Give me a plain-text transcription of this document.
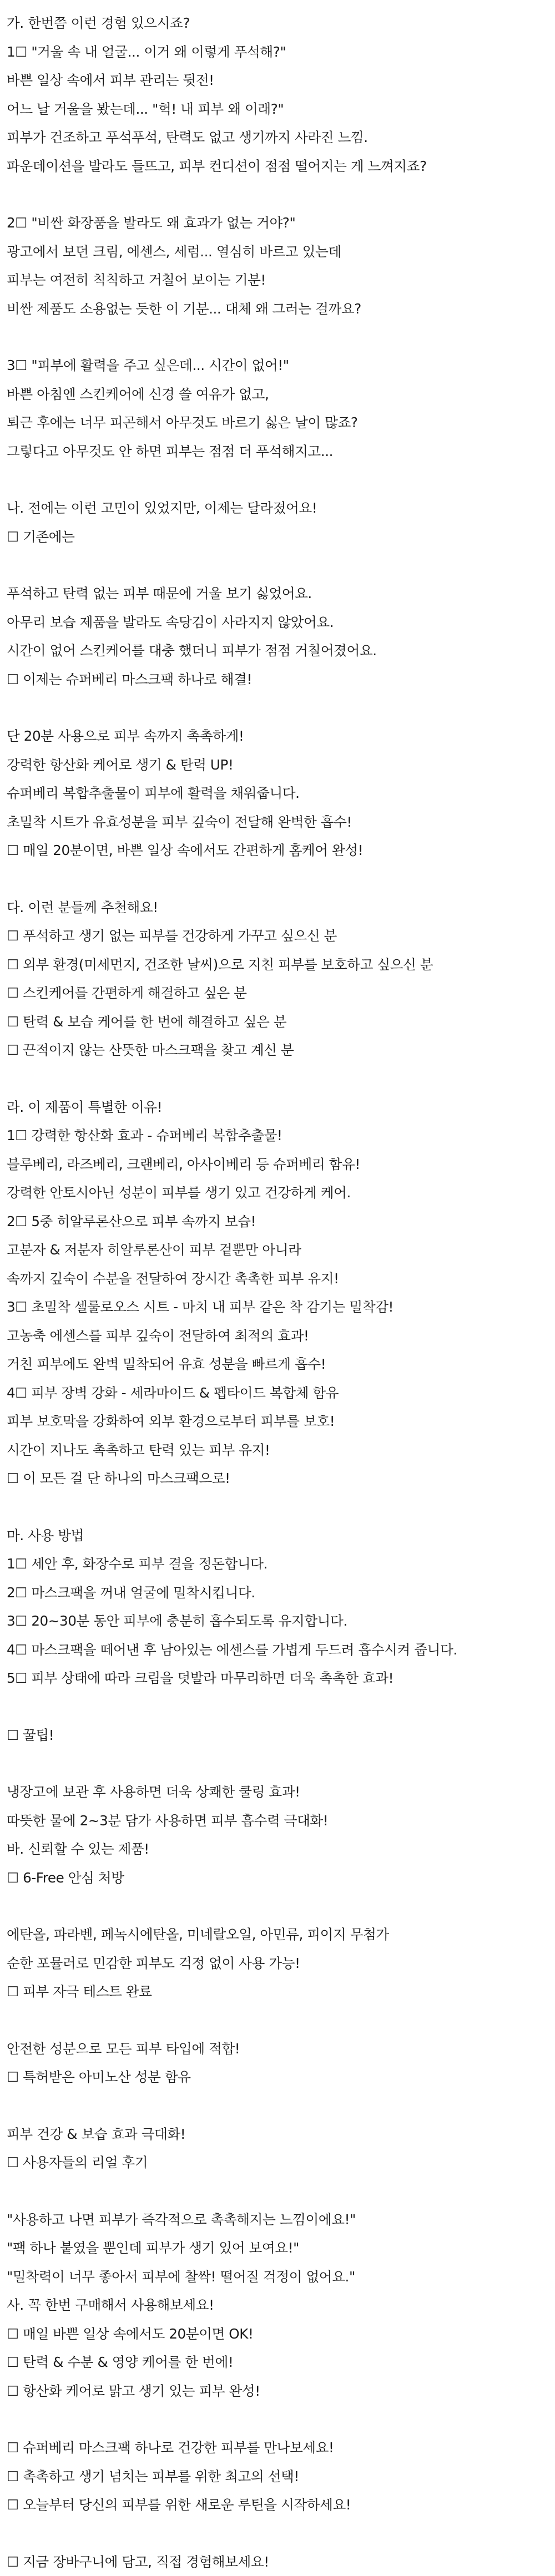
가. 한번쯤 이런 경험 있으시죠?
1☐ "거울 속 내 얼굴... 이거 왜 이렇게 푸석해?"
바쁜 일상 속에서 피부 관리는 뒷전!
어느 날 거울을 봤는데... "헉! 내 피부 왜 이래?"
피부가 건조하고 푸석푸석, 탄력도 없고 생기까지 사라진 느낌.
파운데이션을 발라도 들뜨고, 피부 컨디션이 점점 떨어지는 게 느껴지죠?
2☐ "비싼 화장품을 발라도 왜 효과가 없는 거야?"
광고에서 보던 크림, 에센스, 세럼... 열심히 바르고 있는데
피부는 여전히 칙칙하고 거칠어 보이는 기분!
비싼 제품도 소용없는 듯한 이 기분... 대체 왜 그러는 걸까요?
3☐ "피부에 활력을 주고 싶은데... 시간이 없어!"
바쁜 아침엔 스킨케어에 신경 쓸 여유가 없고,
퇴근 후에는 너무 피곤해서 아무것도 바르기 싫은 날이 많죠?
그렇다고 아무것도 안 하면 피부는 점점 더 푸석해지고...
나. 전에는 이런 고민이 있었지만, 이제는 달라졌어요!
☐ 기존에는
푸석하고 탄력 없는 피부 때문에 거울 보기 싫었어요.
아무리 보습 제품을 발라도 속당김이 사라지지 않았어요.
시간이 없어 스킨케어를 대충 했더니 피부가 점점 거칠어졌어요.
☐ 이제는 슈퍼베리 마스크팩 하나로 해결!
단 20분 사용으로 피부 속까지 촉촉하게!
강력한 항산화 케어로 생기 & 탄력 UP!
슈퍼베리 복합추출물이 피부에 활력을 채워줍니다.
초밀착 시트가 유효성분을 피부 깊숙이 전달해 완벽한 흡수!
☐ 매일 20분이면, 바쁜 일상 속에서도 간편하게 홈케어 완성!
다. 이런 분들께 추천해요!
☐ 푸석하고 생기 없는 피부를 건강하게 가꾸고 싶으신 분
☐ 외부 환경(미세먼지, 건조한 날씨)으로 지친 피부를 보호하고 싶으신 분
☐ 스킨케어를 간편하게 해결하고 싶은 분
☐ 탄력 & 보습 케어를 한 번에 해결하고 싶은 분
☐ 끈적이지 않는 산뜻한 마스크팩을 찾고 계신 분
라. 이 제품이 특별한 이유!
1☐ 강력한 항산화 효과 - 슈퍼베리 복합추출물!
블루베리, 라즈베리, 크랜베리, 아사이베리 등 슈퍼베리 함유!
강력한 안토시아닌 성분이 피부를 생기 있고 건강하게 케어.
2☐ 5중 히알루론산으로 피부 속까지 보습!
고분자 & 저분자 히알루론산이 피부 겉뿐만 아니라
속까지 깊숙이 수분을 전달하여 장시간 촉촉한 피부 유지!
3☐ 초밀착 셀룰로오스 시트 - 마치 내 피부 같은 착 감기는 밀착감!
고농축 에센스를 피부 깊숙이 전달하여 최적의 효과!
거친 피부에도 완벽 밀착되어 유효 성분을 빠르게 흡수!
4☐ 피부 장벽 강화 - 세라마이드 & 펩타이드 복합체 함유
피부 보호막을 강화하여 외부 환경으로부터 피부를 보호!
시간이 지나도 촉촉하고 탄력 있는 피부 유지!
☐ 이 모든 걸 단 하나의 마스크팩으로!
마. 사용 방법
1☐ 세안 후, 화장수로 피부 결을 정돈합니다.
2☐ 마스크팩을 꺼내 얼굴에 밀착시킵니다.
3☐ 20~30분 동안 피부에 충분히 흡수되도록 유지합니다.
4☐ 마스크팩을 떼어낸 후 남아있는 에센스를 가볍게 두드려 흡수시켜 줍니다.
5☐ 피부 상태에 따라 크림을 덧발라 마무리하면 더욱 촉촉한 효과!
☐ 꿀팁!
냉장고에 보관 후 사용하면 더욱 상쾌한 쿨링 효과!
따뜻한 물에 2~3분 담가 사용하면 피부 흡수력 극대화!
바. 신뢰할 수 있는 제품!
☐ 6-Free 안심 처방
에탄올, 파라벤, 페녹시에탄올, 미네랄오일, 아민류, 피이지 무첨가
순한 포뮬러로 민감한 피부도 걱정 없이 사용 가능!
☐ 피부 자극 테스트 완료
안전한 성분으로 모든 피부 타입에 적합!
☐ 특허받은 아미노산 성분 함유
피부 건강 & 보습 효과 극대화!
☐ 사용자들의 리얼 후기
"사용하고 나면 피부가 즉각적으로 촉촉해지는 느낌이에요!"
"팩 하나 붙였을 뿐인데 피부가 생기 있어 보여요!"
"밀착력이 너무 좋아서 피부에 찰싹! 떨어질 걱정이 없어요."
사. 꼭 한번 구매해서 사용해보세요!
☐ 매일 바쁜 일상 속에서도 20분이면 OK!
☐ 탄력 & 수분 & 영양 케어를 한 번에!
☐ 항산화 케어로 맑고 생기 있는 피부 완성!
☐ 슈퍼베리 마스크팩 하나로 건강한 피부를 만나보세요!
☐ 촉촉하고 생기 넘치는 피부를 위한 최고의 선택!
☐ 오늘부터 당신의 피부를 위한 새로운 루틴을 시작하세요!
☐ 지금 장바구니에 담고, 직접 경험해보세요!
